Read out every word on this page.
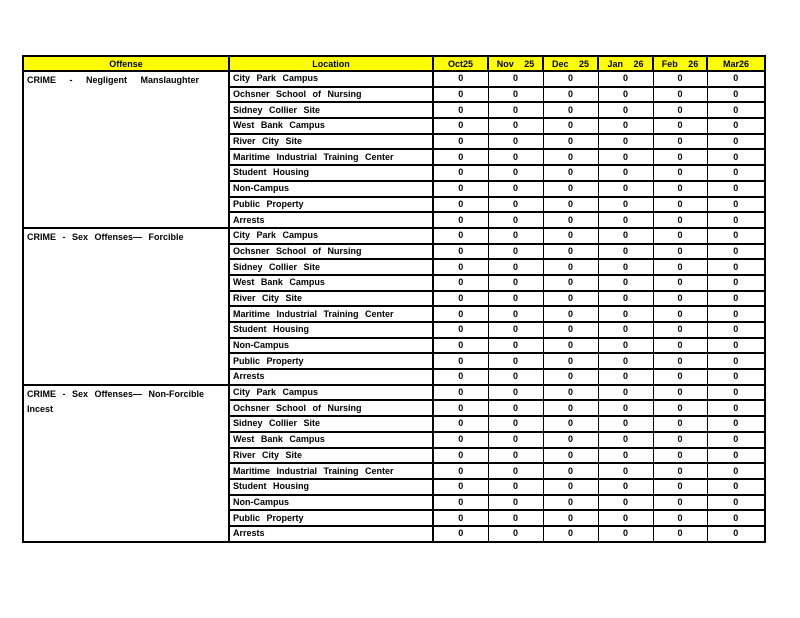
Offense	Location	Oct25	Nov 25	Dec 25	Jan 26	Feb 26	Mar26

CRIME - Negligent Manslaughter	City Park Campus	0	0	0	0	0	0
	Ochsner School of Nursing	0	0	0	0	0	0
	Sidney Collier Site	0	0	0	0	0	0
	West Bank Campus	0	0	0	0	0	0
	River City Site	0	0	0	0	0	0
	Maritime Industrial Training Center	0	0	0	0	0	0
	Student Housing	0	0	0	0	0	0
	Non-Campus	0	0	0	0	0	0
	Public Property	0	0	0	0	0	0
	Arrests	0	0	0	0	0	0

CRIME - Sex Offenses— Forcible	City Park Campus	0	0	0	0	0	0
	Ochsner School of Nursing	0	0	0	0	0	0
	Sidney Collier Site	0	0	0	0	0	0
	West Bank Campus	0	0	0	0	0	0
	River City Site	0	0	0	0	0	0
	Maritime Industrial Training Center	0	0	0	0	0	0
	Student Housing	0	0	0	0	0	0
	Non-Campus	0	0	0	0	0	0
	Public Property	0	0	0	0	0	0
	Arrests	0	0	0	0	0	0

CRIME - Sex Offenses— Non-Forcible
Incest	City Park Campus	0	0	0	0	0	0
	Ochsner School of Nursing	0	0	0	0	0	0
	Sidney Collier Site	0	0	0	0	0	0
	West Bank Campus	0	0	0	0	0	0
	River City Site	0	0	0	0	0	0
	Maritime Industrial Training Center	0	0	0	0	0	0
	Student Housing	0	0	0	0	0	0
	Non-Campus	0	0	0	0	0	0
	Public Property	0	0	0	0	0	0
	Arrests	0	0	0	0	0	0
